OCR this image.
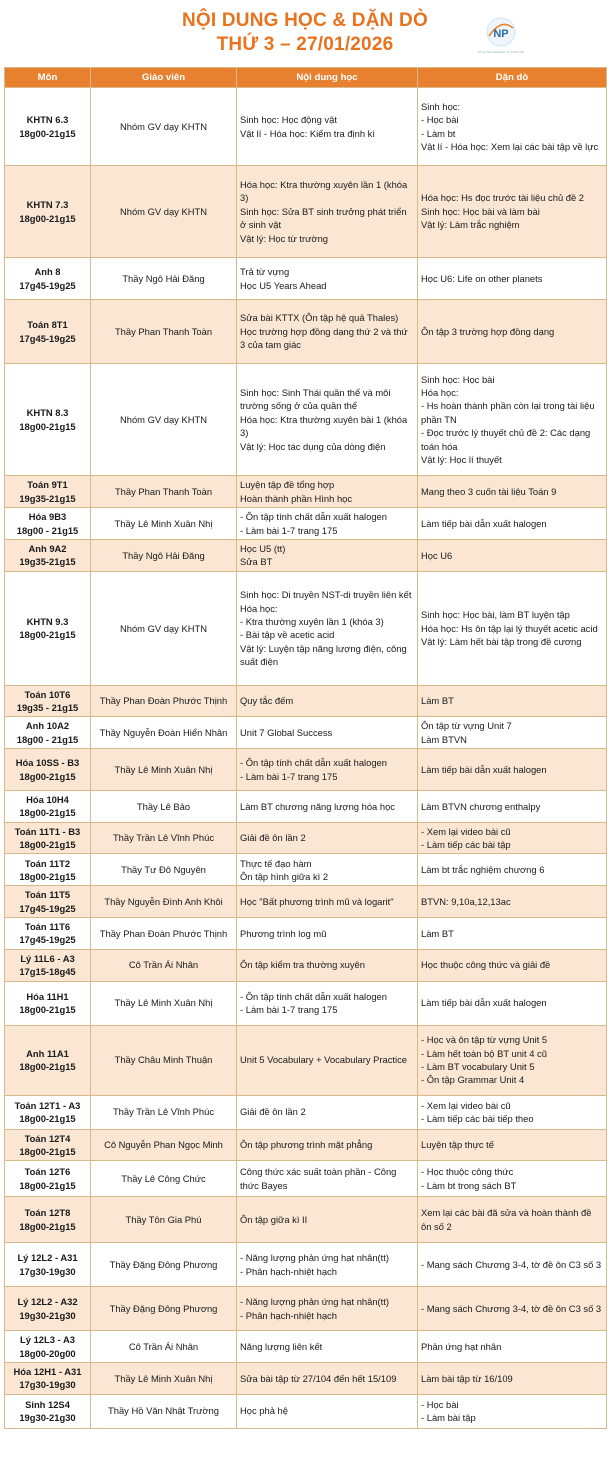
NỘI DUNG HỌC & DẶN DÒ
THỨ 3 – 27/01/2026	NP
Trung Tâm Giáo Dục Võ Thanh NP
Môn	Giáo viên	Nội dung học	Dặn dò

KHTN 6.3
18g00-21g15	Nhóm GV dạy KHTN	Sinh học: Học động vật
Vật lí - Hóa học: Kiểm tra định kì	Sinh học:
- Học bài
- Làm bt
Vật lí - Hóa học: Xem lại các bài tập về lực

KHTN 7.3
18g00-21g15	Nhóm GV dạy KHTN	Hóa học: Ktra thường xuyên lần 1 (khóa 3)
Sinh học: Sửa BT sinh trưởng phát triển ở sinh vật
Vật lý: Học từ trường	Hóa học: Hs đọc trước tài liệu chủ đề 2
Sinh học: Học bài và làm bài
Vật lý: Làm trắc nghiệm

Anh 8
17g45-19g25	Thầy Ngô Hải Đăng	Trả từ vựng
Học U5 Years Ahead	Học U6: Life on other planets

Toán 8T1
17g45-19g25	Thầy Phan Thanh Toàn	Sửa bài KTTX (Ôn tập hệ quả Thales)
Học trường hợp đồng dạng thứ 2 và thứ 3 của tam giác	Ôn tập 3 trường hợp đồng dạng

KHTN 8.3
18g00-21g15	Nhóm GV dạy KHTN	Sinh học: Sinh Thái quần thể và môi trường sống ở của quần thể
Hóa học: Ktra thường xuyên bài 1 (khóa 3)
Vật lý: Học tác dụng của dòng điện	Sinh học: Học bài
Hóa học:
- Hs hoàn thành phần còn lại trong tài liệu phần TN
- Đọc trước lý thuyết chủ đề 2: Các dạng toán hóa
Vật lý: Học lí thuyết

Toán 9T1
19g35-21g15	Thầy Phan Thanh Toàn	Luyện tập đề tổng hợp
Hoàn thành phần Hình học	Mang theo 3 cuốn tài liệu Toán 9

Hóa 9B3
18g00 - 21g15	Thầy Lê Minh Xuân Nhị	- Ôn tập tính chất dẫn xuất halogen
- Làm bài 1-7 trang 175	Làm tiếp bài dẫn xuất halogen

Anh 9A2
19g35-21g15	Thầy Ngô Hải Đăng	Học U5 (tt)
Sửa BT	Học U6

KHTN 9.3
18g00-21g15	Nhóm GV dạy KHTN	Sinh học: Di truyền NST-di truyền liên kết
Hóa học:
- Ktra thường xuyên lần 1 (khóa 3)
- Bài tập về acetic acid
Vật lý: Luyện tập năng lượng điện, công suất điện	Sinh học: Học bài, làm BT luyện tập
Hóa học: Hs ôn tập lại lý thuyết acetic acid
Vật lý: Làm hết bài tập trong đề cương

Toán 10T6
19g35 - 21g15	Thầy Phan Đoàn Phước Thịnh	Quy tắc đếm	Làm BT

Anh 10A2
18g00 - 21g15	Thầy Nguyễn Đoàn Hiển Nhân	Unit 7 Global Success	Ôn tập từ vựng Unit 7
Làm BTVN

Hóa 10SS - B3
18g00-21g15	Thầy Lê Minh Xuân Nhị	- Ôn tập tính chất dẫn xuất halogen
- Làm bài 1-7 trang 175	Làm tiếp bài dẫn xuất halogen

Hóa 10H4
18g00-21g15	Thầy Lê Bảo	Làm BT chương năng lượng hóa học	Làm BTVN chương enthalpy

Toán 11T1 - B3
18g00-21g15	Thầy Trần Lê Vĩnh Phúc	Giải đề ôn lần 2	- Xem lại video bài cũ
- Làm tiếp các bài tập

Toán 11T2
18g00-21g15	Thầy Tư Đô Nguyên	Thực tế đạo hàm
Ôn tập hình giữa kì 2	Làm bt trắc nghiệm chương 6

Toán 11T5
17g45-19g25	Thầy Nguyễn Đình Anh Khôi	Học "Bất phương trình mũ và logarit"	BTVN: 9,10a,12,13ac

Toán 11T6
17g45-19g25	Thầy Phan Đoàn Phước Thịnh	Phương trình log mũ	Làm BT

Lý 11L6 - A3
17g15-18g45	Cô Trần Ái Nhân	Ôn tập kiểm tra thường xuyên	Học thuộc công thức và giải đề

Hóa 11H1
18g00-21g15	Thầy Lê Minh Xuân Nhị	- Ôn tập tính chất dẫn xuất halogen
- Làm bài 1-7 trang 175	Làm tiếp bài dẫn xuất halogen

Anh 11A1
18g00-21g15	Thầy Châu Minh Thuận	Unit 5 Vocabulary + Vocabulary Practice	- Học và ôn tập từ vựng Unit 5
- Làm hết toàn bộ BT unit 4 cũ
- Làm BT vocabulary Unit 5
- Ôn tập Grammar Unit 4

Toán 12T1 - A3
18g00-21g15	Thầy Trần Lê Vĩnh Phúc	Giải đề ôn lần 2	- Xem lại video bài cũ
- Làm tiếp các bài tiếp theo

Toán 12T4
18g00-21g15	Cô Nguyễn Phan Ngọc Minh	Ôn tập phương trình mặt phẳng	Luyện tập thực tế

Toán 12T6
18g00-21g15	Thầy Lê Công Chức	Công thức xác suất toàn phần - Công thức Bayes	- Học thuộc công thức
- Làm bt trong sách BT

Toán 12T8
18g00-21g15	Thầy Tôn Gia Phú	Ôn tập giữa kì II	Xem lại các bài đã sửa và hoàn thành đề ôn số 2

Lý 12L2 - A31
17g30-19g30	Thầy Đặng Đông Phương	- Năng lượng phản ứng hạt nhân(tt)
- Phân hạch-nhiệt hạch	- Mang sách Chương 3-4, tờ đề ôn C3 số 3

Lý 12L2 - A32
19g30-21g30	Thầy Đặng Đông Phương	- Năng lượng phản ứng hạt nhân(tt)
- Phân hạch-nhiệt hạch	- Mang sách Chương 3-4, tờ đề ôn C3 số 3

Lý 12L3 - A3
18g00-20g00	Cô Trần Ái Nhân	Năng lượng liên kết	Phản ứng hạt nhân

Hóa 12H1 - A31
17g30-19g30	Thầy Lê Minh Xuân Nhị	Sửa bài tập từ 27/104 đến hết 15/109	Làm bài tập từ 16/109

Sinh 12S4
19g30-21g30	Thầy Hồ Văn Nhật Trường	Học phả hệ	- Học bài
- Làm bài tập
